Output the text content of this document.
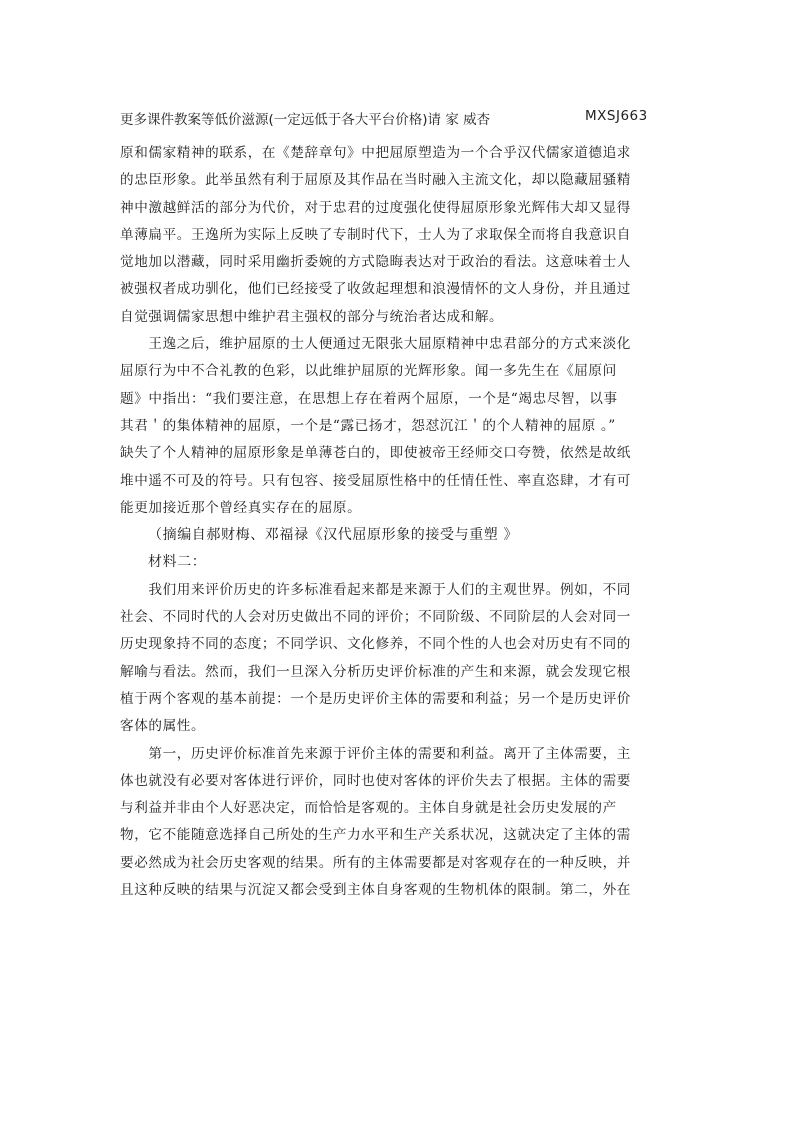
更多课件教案等低价滋源(一定远低于各大平台价格)请 家 威杏	MXSJ663
原和儒家精神的联系，在《楚辞章句》中把屈原塑造为一个合乎汉代儒家道德追求
的忠臣形象。此举虽然有利于屈原及其作品在当时融入主流文化，却以隐藏屈骚精
神中激越鲜活的部分为代价，对于忠君的过度强化使得屈原形象光辉伟大却又显得
单薄扁平。王逸所为实际上反映了专制时代下，士人为了求取保全而将自我意识自
觉地加以潜藏，同时采用幽折委婉的方式隐晦表达对于政治的看法。这意味着士人
被强权者成功驯化，他们已经接受了收敛起理想和浪漫情怀的文人身份，并且通过
自觉强调儒家思想中维护君主强权的部分与统治者达成和解。
　　王逸之后，维护屈原的士人便通过无限张大屈原精神中忠君部分的方式来淡化
屈原行为中不合礼教的色彩，以此维护屈原的光辉形象。闻一多先生在《屈原问
题》中指出：“我们要注意，在思想上存在着两个屈原，一个是“竭忠尽智，以事
其君＇的集体精神的屈原，一个是“露已扬才，怨怼沉江＇的个人精神的屈原 。”
缺失了个人精神的屈原形象是单薄苍白的，即使被帝王经师交口夸赞，依然是故纸
堆中遥不可及的符号。只有包容、接受屈原性格中的任情任性、率直恣肆，才有可
能更加接近那个曾经真实存在的屈原。
（摘编自郝财梅、邓福禄《汉代屈原形象的接受与重塑 》
材料二：
　　我们用来评价历史的许多标准看起来都是来源于人们的主观世界。例如，不同
社会、不同时代的人会对历史做出不同的评价；不同阶级、不同阶层的人会对同一
历史现象持不同的态度；不同学识、文化修养，不同个性的人也会对历史有不同的
解喻与看法。然而，我们一旦深入分析历史评价标准的产生和来源，就会发现它根
植于两个客观的基本前提：一个是历史评价主体的需要和利益；另一个是历史评价
客体的属性。
　　第一，历史评价标准首先来源于评价主体的需要和利益。离开了主体需要，主
体也就没有必要对客体进行评价，同时也使对客体的评价失去了根据。主体的需要
与利益并非由个人好恶决定，而恰恰是客观的。主体自身就是社会历史发展的产
物，它不能随意选择自己所处的生产力水平和生产关系状况，这就决定了主体的需
要必然成为社会历史客观的结果。所有的主体需要都是对客观存在的一种反映，并
且这种反映的结果与沉淀又都会受到主体自身客观的生物机体的限制。第二，外在
